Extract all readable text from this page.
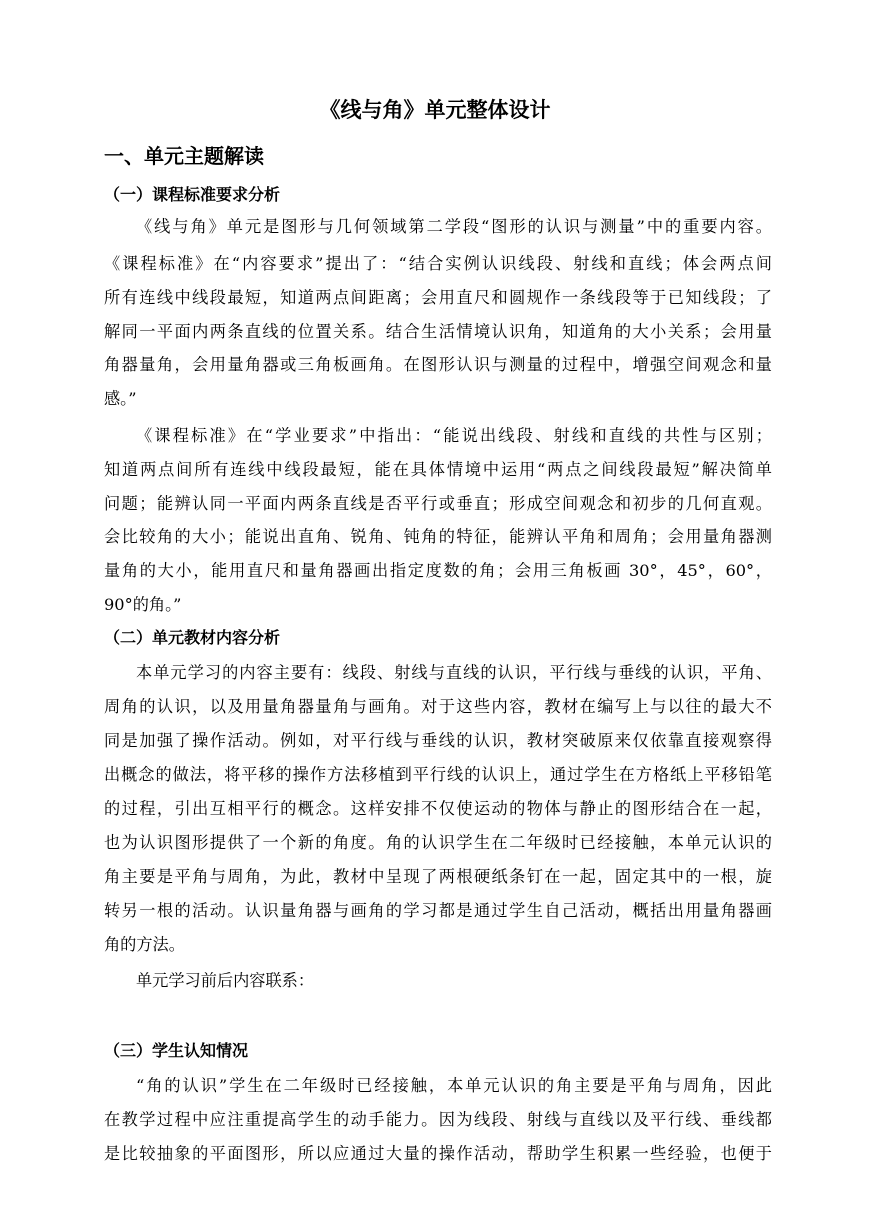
《线与角》单元整体设计
一、单元主题解读
（一）课程标准要求分析
《线与角》单元是图形与几何领域第二学段“图形的认识与测量”中的重要内容。
《课程标准》在“内容要求”提出了：“结合实例认识线段、射线和直线；体会两点间
所有连线中线段最短，知道两点间距离；会用直尺和圆规作一条线段等于已知线段；了
解同一平面内两条直线的位置关系。结合生活情境认识角，知道角的大小关系；会用量
角器量角，会用量角器或三角板画角。在图形认识与测量的过程中，增强空间观念和量
感。”
《课程标准》在“学业要求”中指出：“能说出线段、射线和直线的共性与区别；
知道两点间所有连线中线段最短，能在具体情境中运用“两点之间线段最短”解决简单
问题；能辨认同一平面内两条直线是否平行或垂直；形成空间观念和初步的几何直观。
会比较角的大小；能说出直角、锐角、钝角的特征，能辨认平角和周角；会用量角器测
量角的大小，能用直尺和量角器画出指定度数的角；会用三角板画 30°，45°，60°，
90°的角。”
（二）单元教材内容分析
本单元学习的内容主要有：线段、射线与直线的认识，平行线与垂线的认识，平角、
周角的认识，以及用量角器量角与画角。对于这些内容，教材在编写上与以往的最大不
同是加强了操作活动。例如，对平行线与垂线的认识，教材突破原来仅依靠直接观察得
出概念的做法，将平移的操作方法移植到平行线的认识上，通过学生在方格纸上平移铅笔
的过程，引出互相平行的概念。这样安排不仅使运动的物体与静止的图形结合在一起，
也为认识图形提供了一个新的角度。角的认识学生在二年级时已经接触，本单元认识的
角主要是平角与周角，为此，教材中呈现了两根硬纸条钉在一起，固定其中的一根，旋
转另一根的活动。认识量角器与画角的学习都是通过学生自己活动，概括出用量角器画
角的方法。
单元学习前后内容联系：
（三）学生认知情况
“角的认识”学生在二年级时已经接触，本单元认识的角主要是平角与周角，因此
在教学过程中应注重提高学生的动手能力。因为线段、射线与直线以及平行线、垂线都
是比较抽象的平面图形，所以应通过大量的操作活动，帮助学生积累一些经验，也便于
